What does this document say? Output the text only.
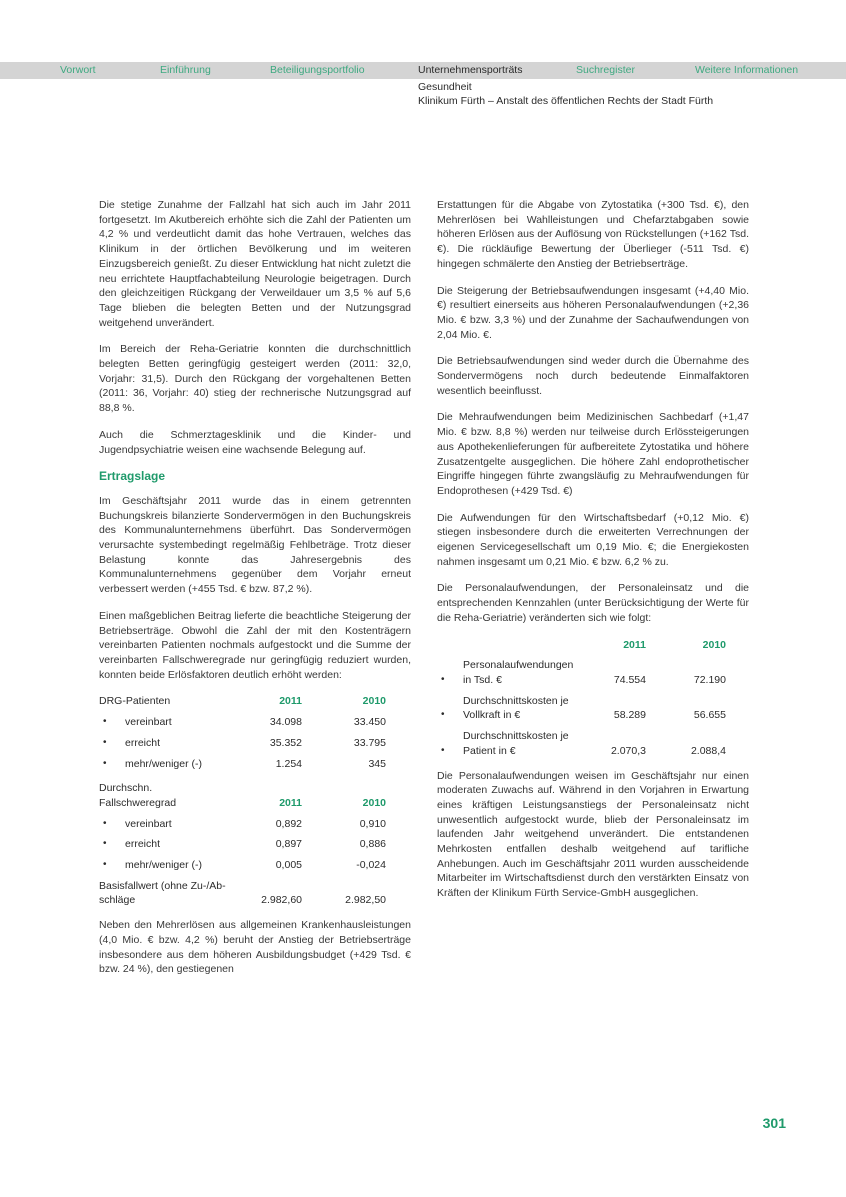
Vorwort	Einführung	Beteiligungsportfolio	Unternehmensporträts	Suchregister	Weitere Informationen
Gesundheit
Klinikum Fürth – Anstalt des öffentlichen Rechts der Stadt Fürth

Die stetige Zunahme der Fallzahl hat sich auch im Jahr 2011 fortgesetzt. Im Akutbereich erhöhte sich die Zahl der Patienten um 4,2 % und verdeutlicht damit das hohe Vertrauen, welches das Klinikum in der örtlichen Bevölkerung und im weiteren Einzugsbereich genießt. Zu dieser Entwicklung hat nicht zuletzt die neu errichtete Hauptfachabteilung Neurologie beigetragen. Durch den gleichzeitigen Rückgang der Verweildauer um 3,5 % auf 5,6 Tage blieben die belegten Betten und der Nutzungsgrad weitgehend unverändert.

Im Bereich der Reha-Geriatrie konnten die durchschnittlich belegten Betten geringfügig gesteigert werden (2011: 32,0, Vorjahr: 31,5). Durch den Rückgang der vorgehaltenen Betten (2011: 36, Vorjahr: 40) stieg der rechnerische Nutzungsgrad auf 88,8 %.

Auch die Schmerztagesklinik und die Kinder- und Jugendpsychiatrie weisen eine wachsende Belegung auf.

Ertragslage

Im Geschäftsjahr 2011 wurde das in einem getrennten Buchungskreis bilanzierte Sondervermögen in den Buchungskreis des Kommunalunternehmens überführt. Das Sondervermögen verursachte systembedingt regelmäßig Fehlbeträge. Trotz dieser Belastung konnte das Jahresergebnis des Kommunalunternehmens gegenüber dem Vorjahr erneut verbessert werden (+455 Tsd. € bzw. 87,2 %).

Einen maßgeblichen Beitrag lieferte die beachtliche Steigerung der Betriebserträge. Obwohl die Zahl der mit den Kostenträgern vereinbarten Patienten nochmals aufgestockt und die Summe der vereinbarten Fallschweregrade nur geringfügig reduziert wurden, konnten beide Erlösfaktoren deutlich erhöht werden:

DRG-Patienten	2011	2010
•	vereinbart	34.098	33.450
•	erreicht	35.352	33.795
•	mehr/weniger (-)	1.254	345
Durchschn. Fallschweregrad	2011	2010
•	vereinbart	0,892	0,910
•	erreicht	0,897	0,886
•	mehr/weniger (-)	0,005	-0,024
Basisfallwert (ohne Zu-/Ab-schläge	2.982,60	2.982,50

Neben den Mehrerlösen aus allgemeinen Krankenhausleistungen (4,0 Mio. € bzw. 4,2 %) beruht der Anstieg der Betriebserträge insbesondere aus dem höheren Ausbildungsbudget (+429 Tsd. € bzw. 24 %), den gestiegenen

Erstattungen für die Abgabe von Zytostatika (+300 Tsd. €), den Mehrerlösen bei Wahlleistungen und Chefarztabgaben sowie höheren Erlösen aus der Auflösung von Rückstellungen (+162 Tsd. €). Die rückläufige Bewertung der Überlieger (-511 Tsd. €) hingegen schmälerte den Anstieg der Betriebserträge.

Die Steigerung der Betriebsaufwendungen insgesamt (+4,40 Mio. €) resultiert einerseits aus höheren Personalaufwendungen (+2,36 Mio. € bzw. 3,3 %) und der Zunahme der Sachaufwendungen von 2,04 Mio. €.

Die Betriebsaufwendungen sind weder durch die Übernahme des Sondervermögens noch durch bedeutende Einmalfaktoren wesentlich beeinflusst.

Die Mehraufwendungen beim Medizinischen Sachbedarf (+1,47 Mio. € bzw. 8,8 %) werden nur teilweise durch Erlössteigerungen aus Apothekenlieferungen für aufbereitete Zytostatika und höhere Zusatzentgelte ausgeglichen. Die höhere Zahl endoprothetischer Eingriffe hingegen führte zwangsläufig zu Mehraufwendungen für Endoprothesen (+429 Tsd. €)

Die Aufwendungen für den Wirtschaftsbedarf (+0,12 Mio. €) stiegen insbesondere durch die erweiterten Verrechnungen der eigenen Servicegesellschaft um 0,19 Mio. €; die Energiekosten nahmen insgesamt um 0,21 Mio. € bzw. 6,2 % zu.

Die Personalaufwendungen, der Personaleinsatz und die entsprechenden Kennzahlen (unter Berücksichtigung der Werte für die Reha-Geriatrie) veränderten sich wie folgt:

2011	2010
•
Personalaufwendungen in Tsd. €	74.554	72.190
•
Durchschnittskosten je Vollkraft in €	58.289	56.655
•
Durchschnittskosten je Patient in €	2.070,3	2.088,4

Die Personalaufwendungen weisen im Geschäftsjahr nur einen moderaten Zuwachs auf. Während in den Vorjahren in Erwartung eines kräftigen Leistungsanstiegs der Personaleinsatz nicht unwesentlich aufgestockt wurde, blieb der Personaleinsatz im laufenden Jahr weitgehend unverändert. Die entstandenen Mehrkosten entfallen deshalb weitgehend auf tarifliche Anhebungen. Auch im Geschäftsjahr 2011 wurden ausscheidende Mitarbeiter im Wirtschaftsdienst durch den verstärkten Einsatz von Kräften der Klinikum Fürth Service-GmbH ausgeglichen.

301
